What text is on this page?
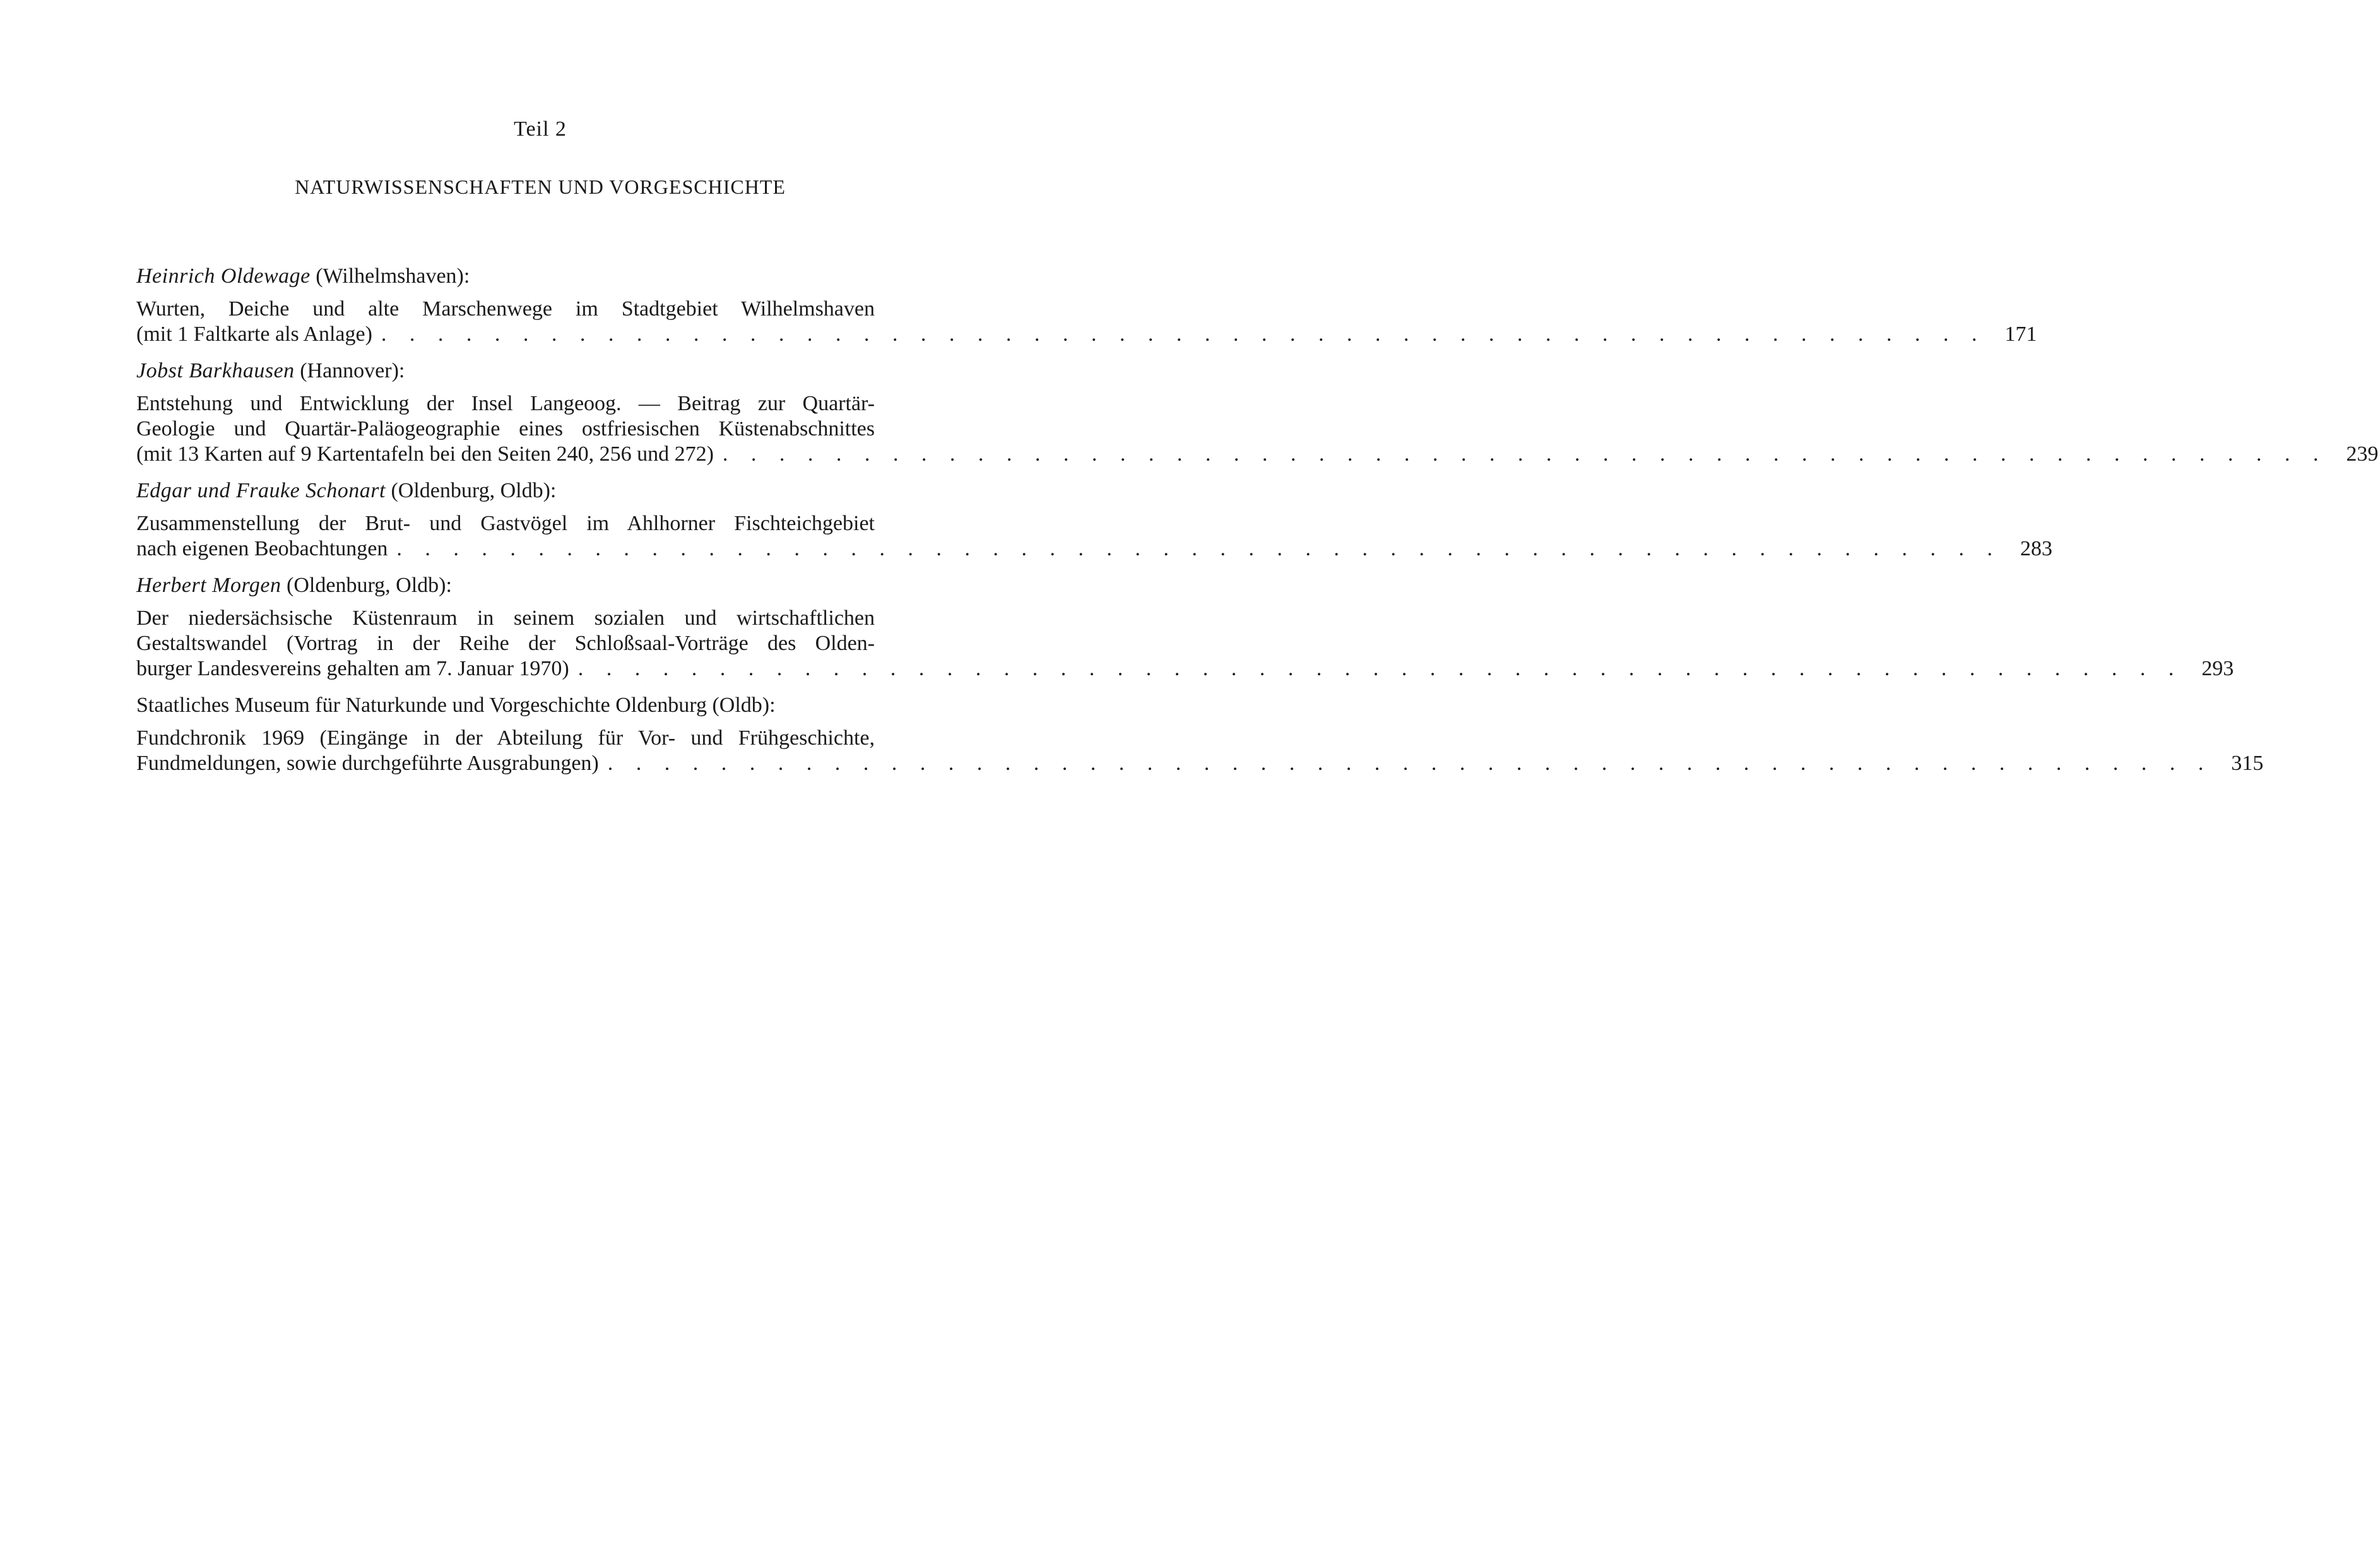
Teil 2
NATURWISSENSCHAFTEN UND VORGESCHICHTE
Heinrich Oldewage (Wilhelmshaven):
Wurten, Deiche und alte Marschenwege im Stadtgebiet Wilhelmshaven
(mit 1 Faltkarte als Anlage) . . . . . . . . . . . . . . . . . . . . . . . . . . . . . . . . . . . . . . . . . . . . . . . . . . . . . . . . . 171
Jobst Barkhausen (Hannover):
Entstehung und Entwicklung der Insel Langeoog. — Beitrag zur Quartär-
Geologie und Quartär-Paläogeographie eines ostfriesischen Küstenabschnittes
(mit 13 Karten auf 9 Kartentafeln bei den Seiten 240, 256 und 272) . . . . . . . . . . . . . . . . . . . . . . . . . . . . . . . . . . . . . . . . . . . . . . . . . . . . . . . . . 239
Edgar und Frauke Schonart (Oldenburg, Oldb):
Zusammenstellung der Brut- und Gastvögel im Ahlhorner Fischteichgebiet
nach eigenen Beobachtungen . . . . . . . . . . . . . . . . . . . . . . . . . . . . . . . . . . . . . . . . . . . . . . . . . . . . . . . . . 283
Herbert Morgen (Oldenburg, Oldb):
Der niedersächsische Küstenraum in seinem sozialen und wirtschaftlichen
Gestaltswandel (Vortrag in der Reihe der Schloßsaal-Vorträge des Olden-
burger Landesvereins gehalten am 7. Januar 1970) . . . . . . . . . . . . . . . . . . . . . . . . . . . . . . . . . . . . . . . . . . . . . . . . . . . . . . . . . 293
Staatliches Museum für Naturkunde und Vorgeschichte Oldenburg (Oldb):
Fundchronik 1969 (Eingänge in der Abteilung für Vor- und Frühgeschichte,
Fundmeldungen, sowie durchgeführte Ausgrabungen) . . . . . . . . . . . . . . . . . . . . . . . . . . . . . . . . . . . . . . . . . . . . . . . . . . . . . . . . . 315
